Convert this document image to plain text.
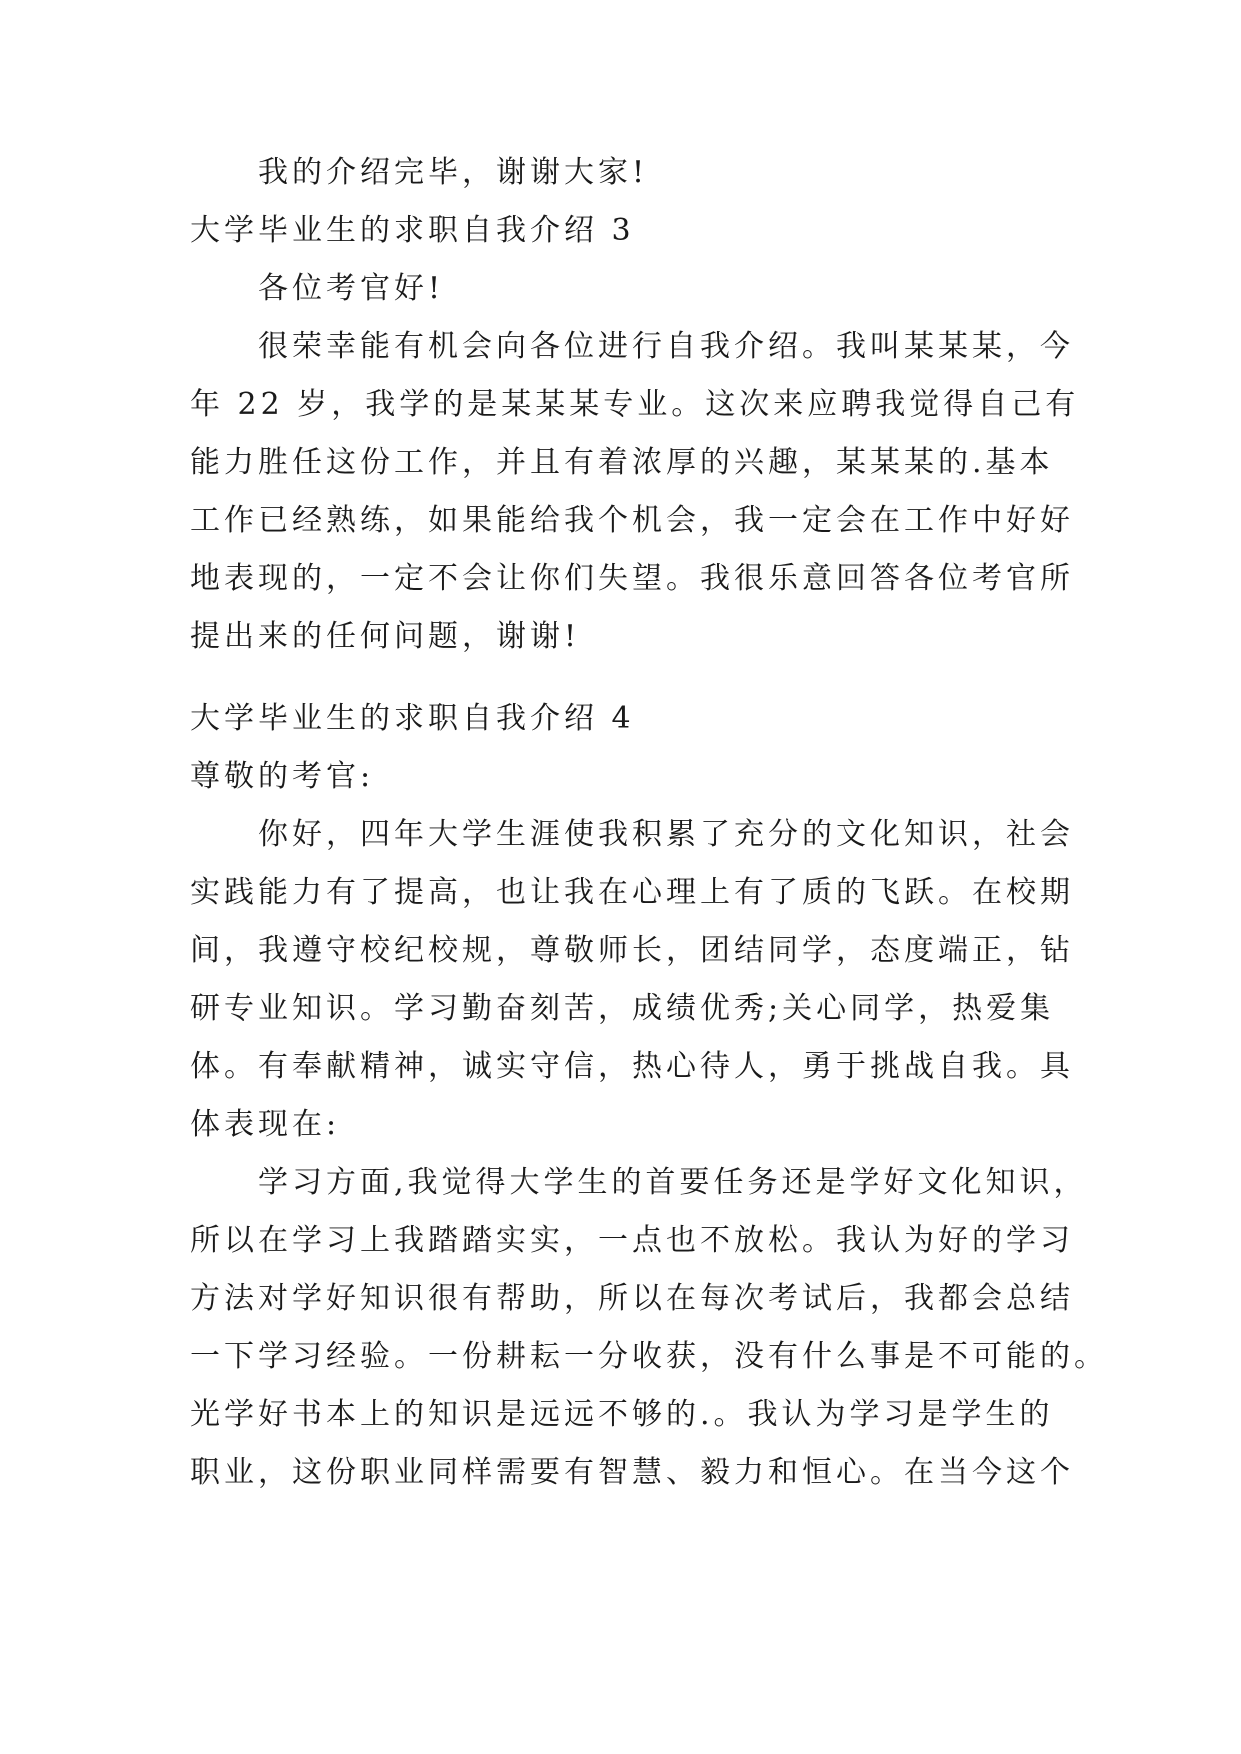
我的介绍完毕，谢谢大家!
大学毕业生的求职自我介绍 3
各位考官好!
很荣幸能有机会向各位进行自我介绍。我叫某某某，今
年 22 岁，我学的是某某某专业。这次来应聘我觉得自己有
能力胜任这份工作，并且有着浓厚的兴趣，某某某的.基本
工作已经熟练，如果能给我个机会，我一定会在工作中好好
地表现的，一定不会让你们失望。我很乐意回答各位考官所
提出来的任何问题，谢谢!
大学毕业生的求职自我介绍 4
尊敬的考官:
你好，四年大学生涯使我积累了充分的文化知识，社会
实践能力有了提高，也让我在心理上有了质的飞跃。在校期
间，我遵守校纪校规，尊敬师长，团结同学，态度端正，钻
研专业知识。学习勤奋刻苦，成绩优秀;关心同学，热爱集
体。有奉献精神，诚实守信，热心待人，勇于挑战自我。具
体表现在:
学习方面,我觉得大学生的首要任务还是学好文化知识，
所以在学习上我踏踏实实，一点也不放松。我认为好的学习
方法对学好知识很有帮助，所以在每次考试后，我都会总结
一下学习经验。一份耕耘一分收获，没有什么事是不可能的。
光学好书本上的知识是远远不够的.。我认为学习是学生的
职业，这份职业同样需要有智慧、毅力和恒心。在当今这个
